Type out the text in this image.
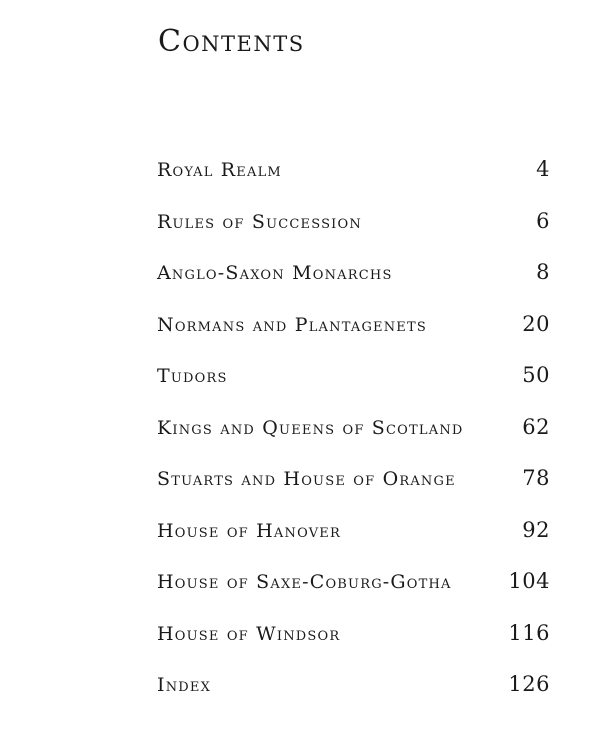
Contents
Royal Realm	4
Rules of Succession	6
Anglo-Saxon Monarchs	8
Normans and Plantagenets	20
Tudors	50
Kings and Queens of Scotland	62
Stuarts and House of Orange	78
House of Hanover	92
House of Saxe-Coburg-Gotha	104
House of Windsor	116
Index	126
